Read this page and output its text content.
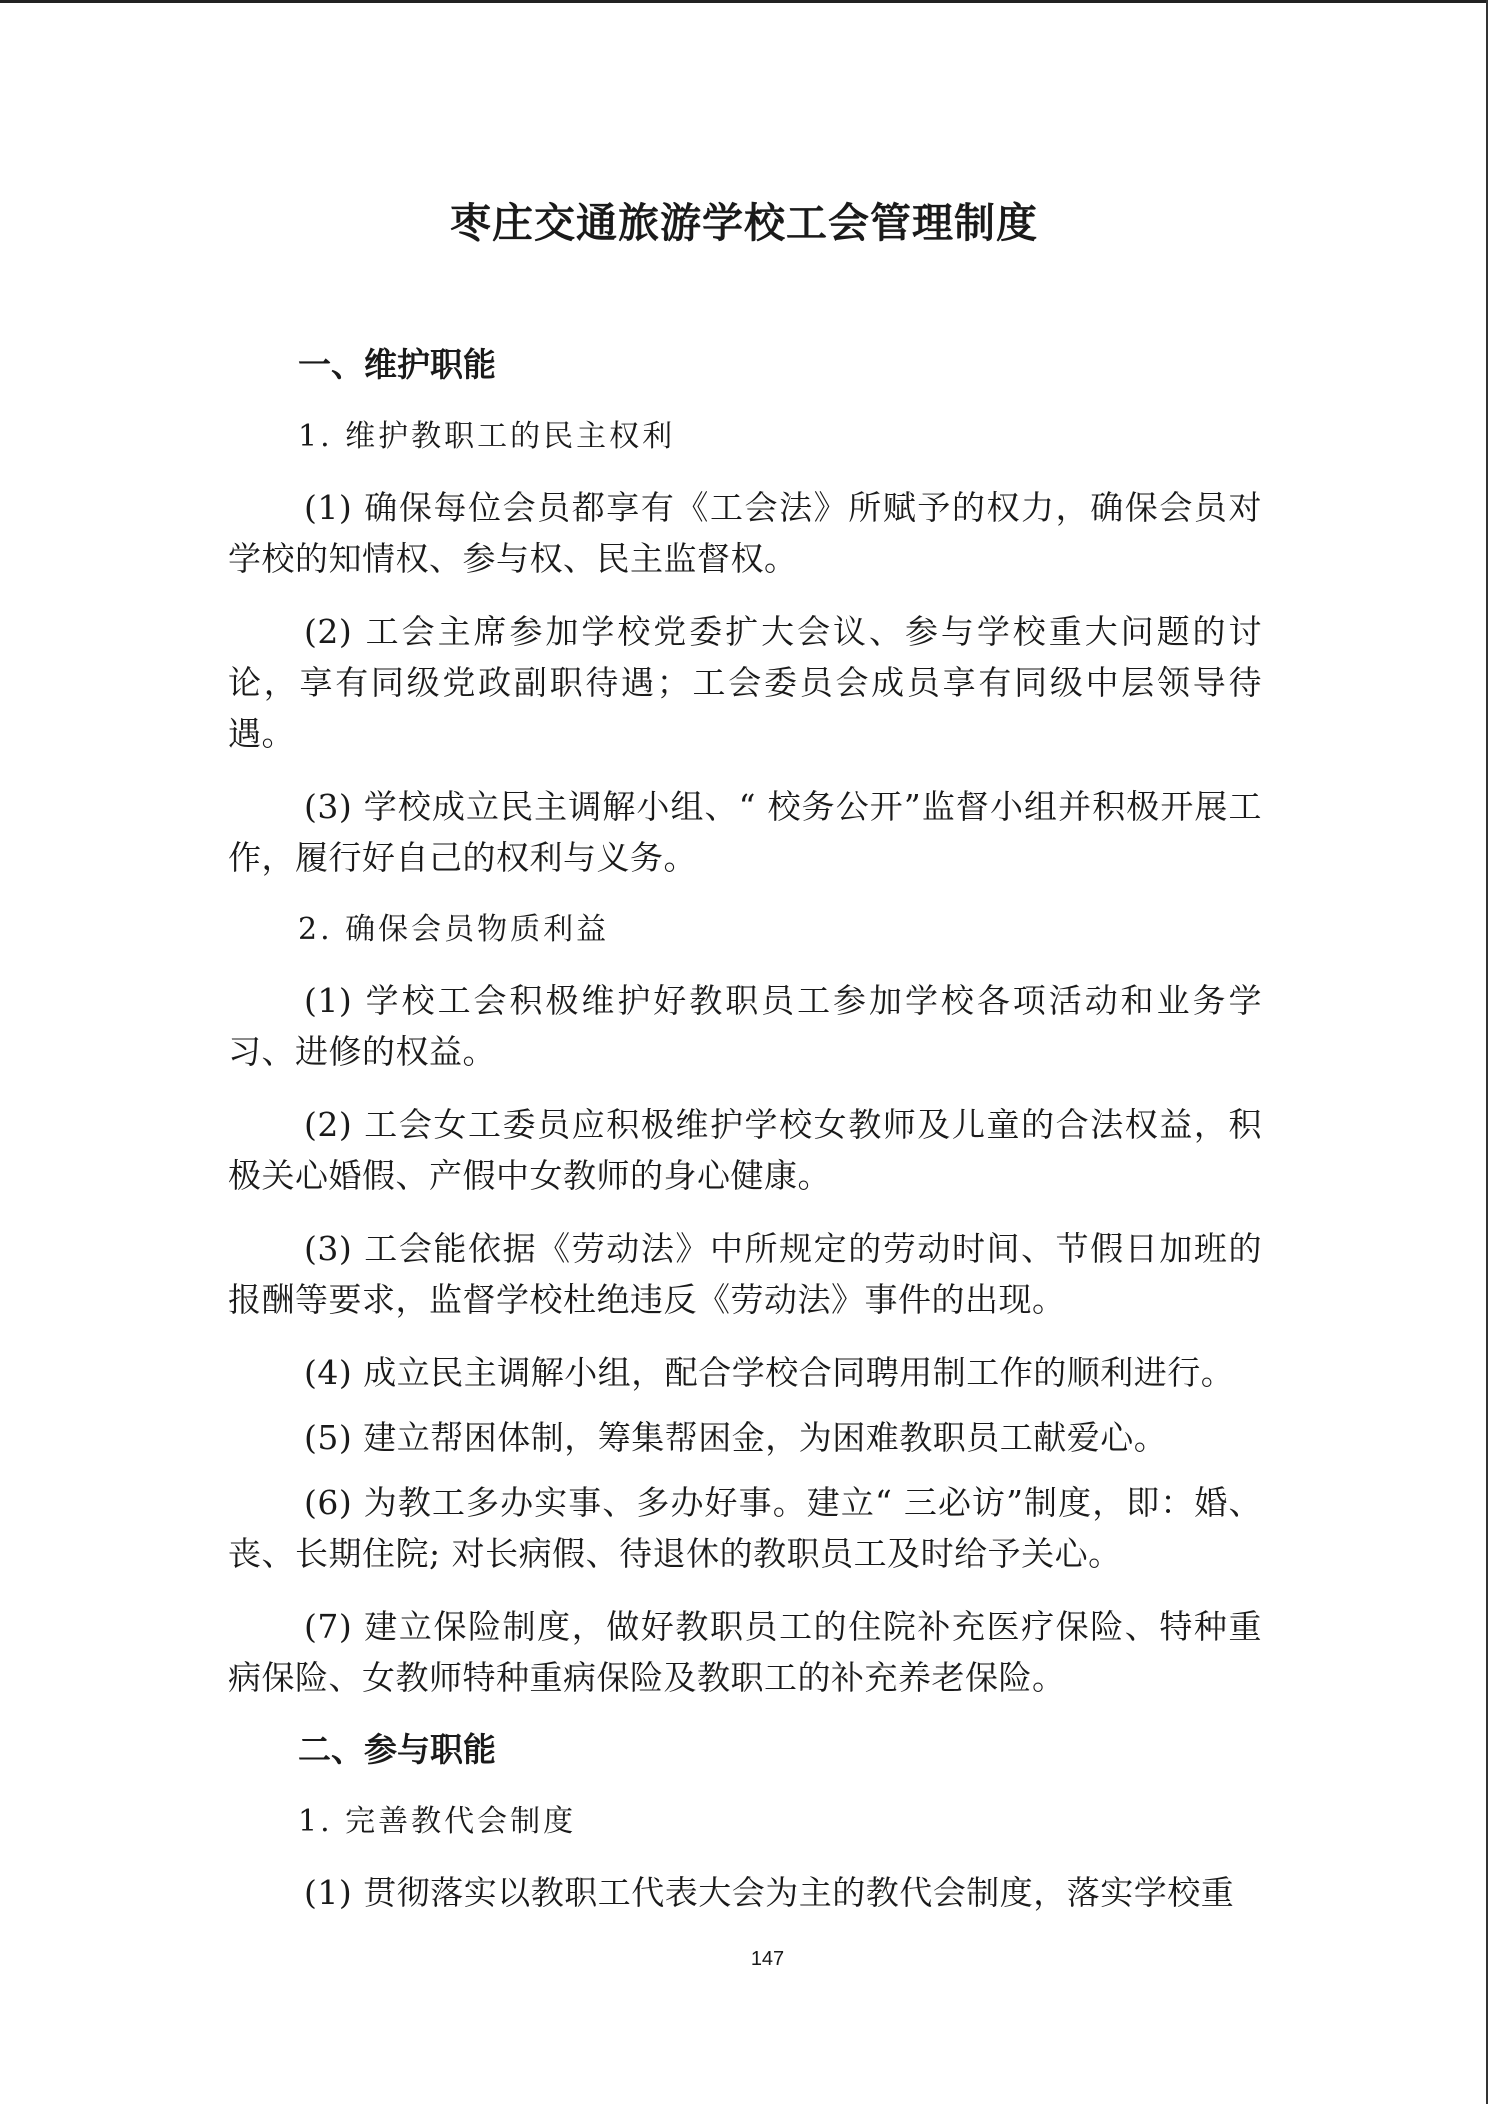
枣庄交通旅游学校工会管理制度
一、维护职能
1. 维护教职工的民主权利

(1) 确保每位会员都享有《工会法》所赋予的权力，确保会员对学校的知情权、参与权、民主监督权。

(2) 工会主席参加学校党委扩大会议、参与学校重大问题的讨论，享有同级党政副职待遇；工会委员会成员享有同级中层领导待遇。

(3) 学校成立民主调解小组、“ 校务公开”监督小组并积极开展工作，履行好自己的权利与义务。

2. 确保会员物质利益

(1) 学校工会积极维护好教职员工参加学校各项活动和业务学习、进修的权益。

(2) 工会女工委员应积极维护学校女教师及儿童的合法权益，积极关心婚假、产假中女教师的身心健康。

(3) 工会能依据《劳动法》中所规定的劳动时间、节假日加班的报酬等要求，监督学校杜绝违反《劳动法》事件的出现。

(4) 成立民主调解小组，配合学校合同聘用制工作的顺利进行。

(5) 建立帮困体制，筹集帮困金，为困难教职员工献爱心。

(6) 为教工多办实事、多办好事。建立“ 三必访”制度，即：婚、丧、长期住院; 对长病假、待退休的教职员工及时给予关心。

(7) 建立保险制度，做好教职员工的住院补充医疗保险、特种重病保险、女教师特种重病保险及教职工的补充养老保险。

二、参与职能
1. 完善教代会制度

(1) 贯彻落实以教职工代表大会为主的教代会制度，落实学校重

147
